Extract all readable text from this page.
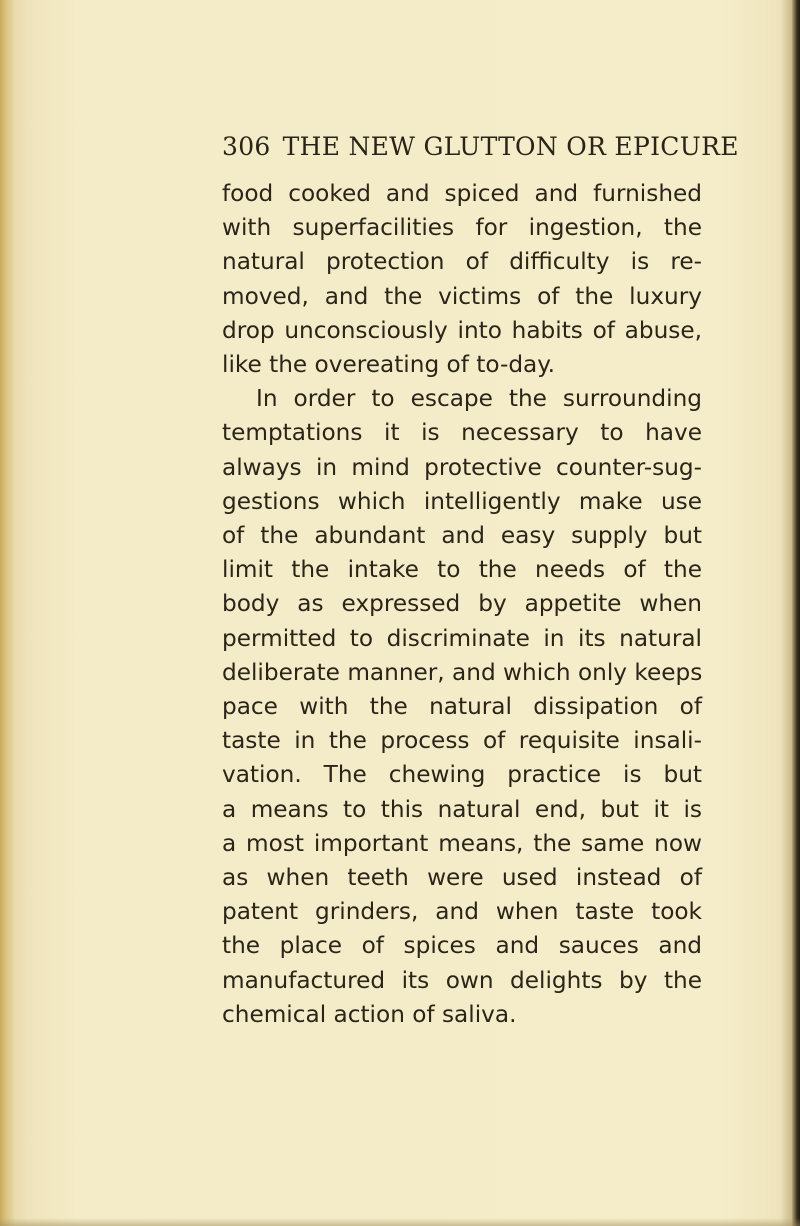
306 THE NEW GLUTTON OR EPICURE
food cooked and spiced and furnished
with superfacilities for ingestion, the
natural protection of difficulty is re-
moved, and the victims of the luxury
drop unconsciously into habits of abuse,
like the overeating of to-day.
In order to escape the surrounding
temptations it is necessary to have
always in mind protective counter-sug-
gestions which intelligently make use
of the abundant and easy supply but
limit the intake to the needs of the
body as expressed by appetite when
permitted to discriminate in its natural
deliberate manner, and which only keeps
pace with the natural dissipation of
taste in the process of requisite insali-
vation. The chewing practice is but
a means to this natural end, but it is
a most important means, the same now
as when teeth were used instead of
patent grinders, and when taste took
the place of spices and sauces and
manufactured its own delights by the
chemical action of saliva.
